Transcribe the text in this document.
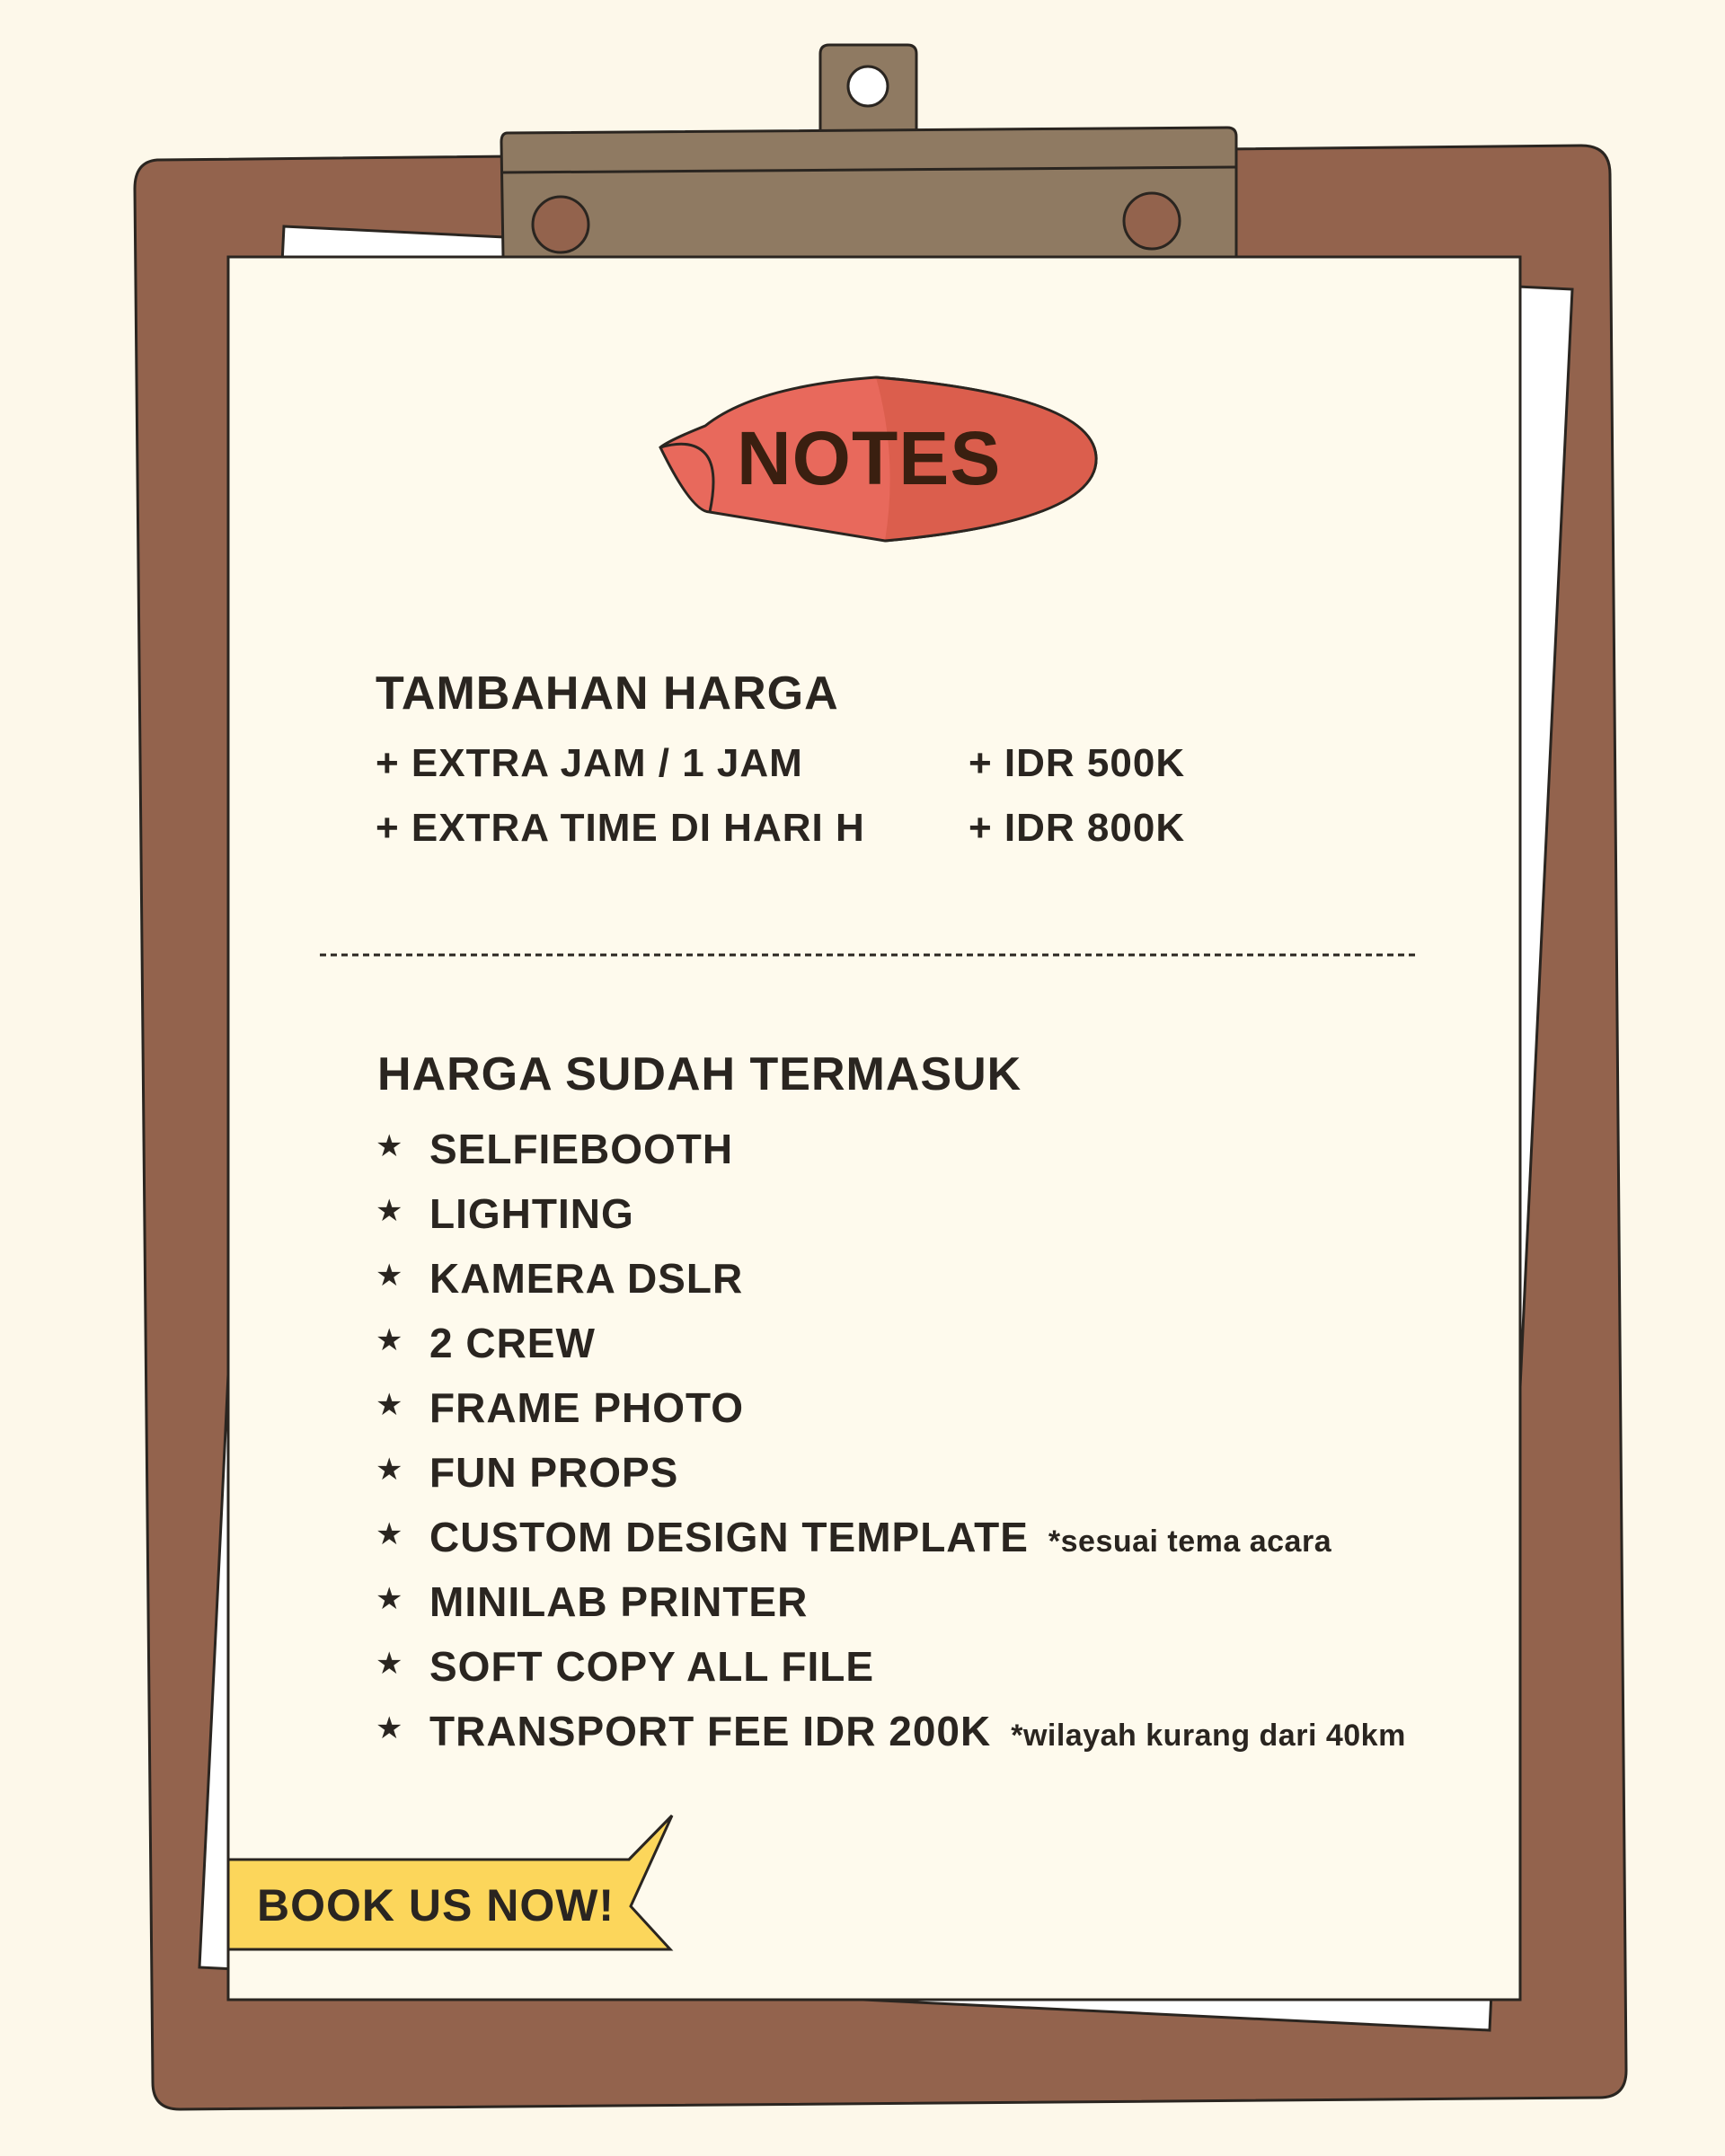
NOTES
TAMBAHAN HARGA
+ EXTRA JAM / 1 JAM	+ IDR 500K
+ EXTRA TIME DI HARI H	+ IDR 800K
HARGA SUDAH TERMASUK
★ SELFIEBOOTH
★ LIGHTING
★ KAMERA DSLR
★ 2 CREW
★ FRAME PHOTO
★ FUN PROPS
★ CUSTOM DESIGN TEMPLATE *sesuai tema acara
★ MINILAB PRINTER
★ SOFT COPY ALL FILE
★ TRANSPORT FEE IDR 200K *wilayah kurang dari 40km
BOOK US NOW!
